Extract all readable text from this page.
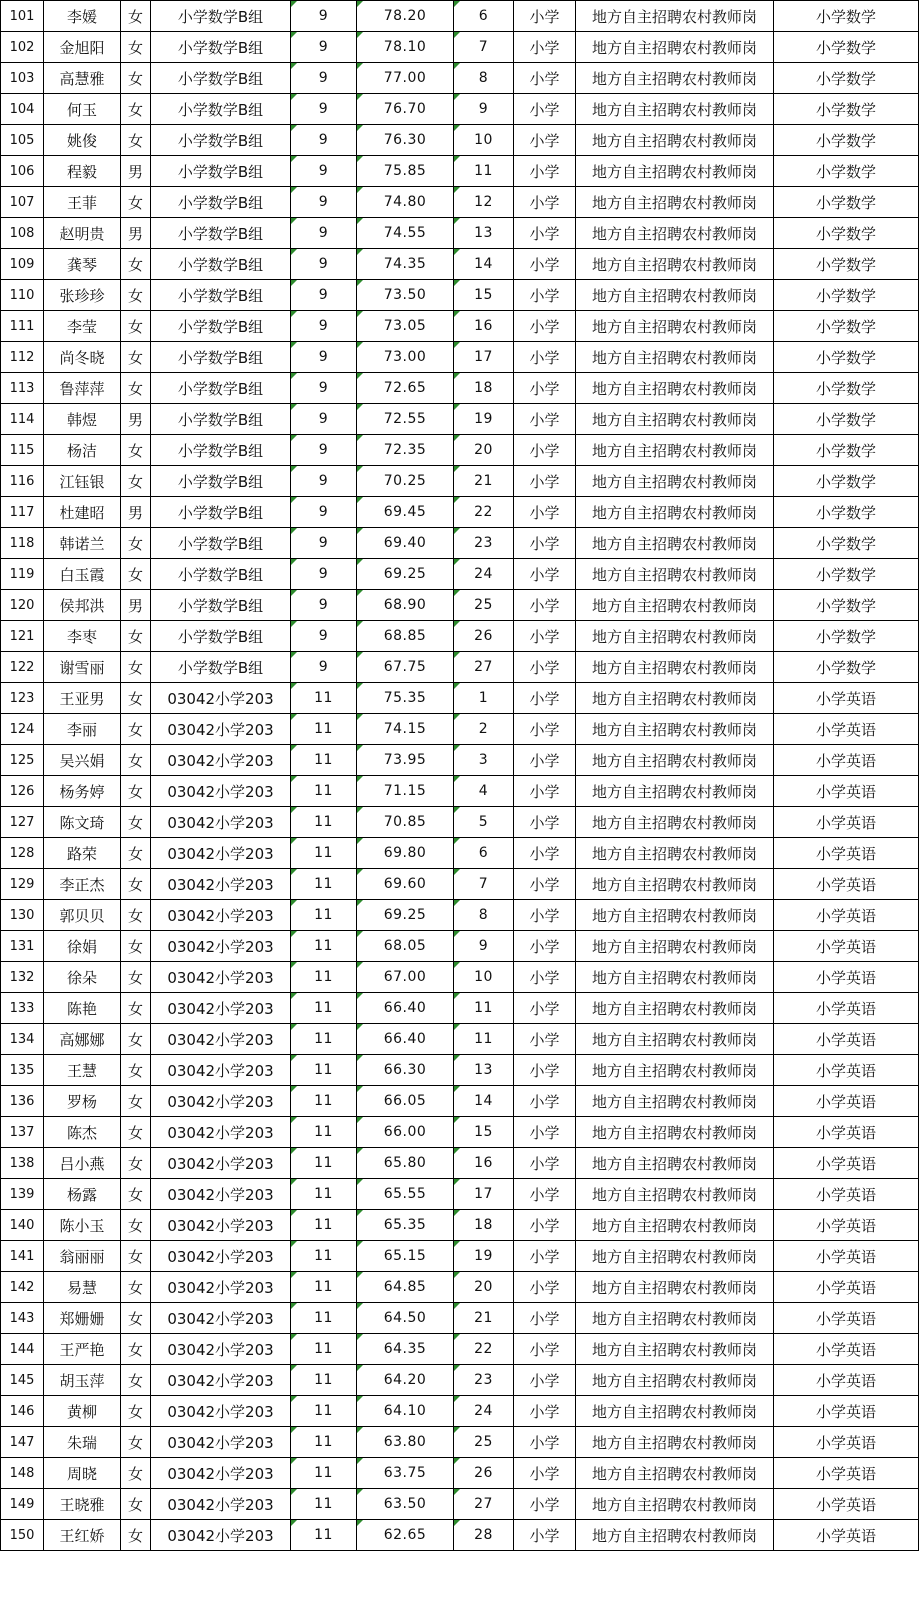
101	李媛	女	小学数学B组	9	78.20	6	小学	地方自主招聘农村教师岗	小学数学
102	金旭阳	女	小学数学B组	9	78.10	7	小学	地方自主招聘农村教师岗	小学数学
103	高慧雅	女	小学数学B组	9	77.00	8	小学	地方自主招聘农村教师岗	小学数学
104	何玉	女	小学数学B组	9	76.70	9	小学	地方自主招聘农村教师岗	小学数学
105	姚俊	女	小学数学B组	9	76.30	10	小学	地方自主招聘农村教师岗	小学数学
106	程毅	男	小学数学B组	9	75.85	11	小学	地方自主招聘农村教师岗	小学数学
107	王菲	女	小学数学B组	9	74.80	12	小学	地方自主招聘农村教师岗	小学数学
108	赵明贵	男	小学数学B组	9	74.55	13	小学	地方自主招聘农村教师岗	小学数学
109	龚琴	女	小学数学B组	9	74.35	14	小学	地方自主招聘农村教师岗	小学数学
110	张珍珍	女	小学数学B组	9	73.50	15	小学	地方自主招聘农村教师岗	小学数学
111	李莹	女	小学数学B组	9	73.05	16	小学	地方自主招聘农村教师岗	小学数学
112	尚冬晓	女	小学数学B组	9	73.00	17	小学	地方自主招聘农村教师岗	小学数学
113	鲁萍萍	女	小学数学B组	9	72.65	18	小学	地方自主招聘农村教师岗	小学数学
114	韩煜	男	小学数学B组	9	72.55	19	小学	地方自主招聘农村教师岗	小学数学
115	杨洁	女	小学数学B组	9	72.35	20	小学	地方自主招聘农村教师岗	小学数学
116	江钰银	女	小学数学B组	9	70.25	21	小学	地方自主招聘农村教师岗	小学数学
117	杜建昭	男	小学数学B组	9	69.45	22	小学	地方自主招聘农村教师岗	小学数学
118	韩诺兰	女	小学数学B组	9	69.40	23	小学	地方自主招聘农村教师岗	小学数学
119	白玉霞	女	小学数学B组	9	69.25	24	小学	地方自主招聘农村教师岗	小学数学
120	侯邦洪	男	小学数学B组	9	68.90	25	小学	地方自主招聘农村教师岗	小学数学
121	李枣	女	小学数学B组	9	68.85	26	小学	地方自主招聘农村教师岗	小学数学
122	谢雪丽	女	小学数学B组	9	67.75	27	小学	地方自主招聘农村教师岗	小学数学
123	王亚男	女	03042小学203	11	75.35	1	小学	地方自主招聘农村教师岗	小学英语
124	李丽	女	03042小学203	11	74.15	2	小学	地方自主招聘农村教师岗	小学英语
125	吴兴娟	女	03042小学203	11	73.95	3	小学	地方自主招聘农村教师岗	小学英语
126	杨务婷	女	03042小学203	11	71.15	4	小学	地方自主招聘农村教师岗	小学英语
127	陈文琦	女	03042小学203	11	70.85	5	小学	地方自主招聘农村教师岗	小学英语
128	路荣	女	03042小学203	11	69.80	6	小学	地方自主招聘农村教师岗	小学英语
129	李正杰	女	03042小学203	11	69.60	7	小学	地方自主招聘农村教师岗	小学英语
130	郭贝贝	女	03042小学203	11	69.25	8	小学	地方自主招聘农村教师岗	小学英语
131	徐娟	女	03042小学203	11	68.05	9	小学	地方自主招聘农村教师岗	小学英语
132	徐朵	女	03042小学203	11	67.00	10	小学	地方自主招聘农村教师岗	小学英语
133	陈艳	女	03042小学203	11	66.40	11	小学	地方自主招聘农村教师岗	小学英语
134	高娜娜	女	03042小学203	11	66.40	11	小学	地方自主招聘农村教师岗	小学英语
135	王慧	女	03042小学203	11	66.30	13	小学	地方自主招聘农村教师岗	小学英语
136	罗杨	女	03042小学203	11	66.05	14	小学	地方自主招聘农村教师岗	小学英语
137	陈杰	女	03042小学203	11	66.00	15	小学	地方自主招聘农村教师岗	小学英语
138	吕小燕	女	03042小学203	11	65.80	16	小学	地方自主招聘农村教师岗	小学英语
139	杨露	女	03042小学203	11	65.55	17	小学	地方自主招聘农村教师岗	小学英语
140	陈小玉	女	03042小学203	11	65.35	18	小学	地方自主招聘农村教师岗	小学英语
141	翁丽丽	女	03042小学203	11	65.15	19	小学	地方自主招聘农村教师岗	小学英语
142	易慧	女	03042小学203	11	64.85	20	小学	地方自主招聘农村教师岗	小学英语
143	郑姗姗	女	03042小学203	11	64.50	21	小学	地方自主招聘农村教师岗	小学英语
144	王严艳	女	03042小学203	11	64.35	22	小学	地方自主招聘农村教师岗	小学英语
145	胡玉萍	女	03042小学203	11	64.20	23	小学	地方自主招聘农村教师岗	小学英语
146	黄柳	女	03042小学203	11	64.10	24	小学	地方自主招聘农村教师岗	小学英语
147	朱瑞	女	03042小学203	11	63.80	25	小学	地方自主招聘农村教师岗	小学英语
148	周晓	女	03042小学203	11	63.75	26	小学	地方自主招聘农村教师岗	小学英语
149	王晓雅	女	03042小学203	11	63.50	27	小学	地方自主招聘农村教师岗	小学英语
150	王红娇	女	03042小学203	11	62.65	28	小学	地方自主招聘农村教师岗	小学英语
